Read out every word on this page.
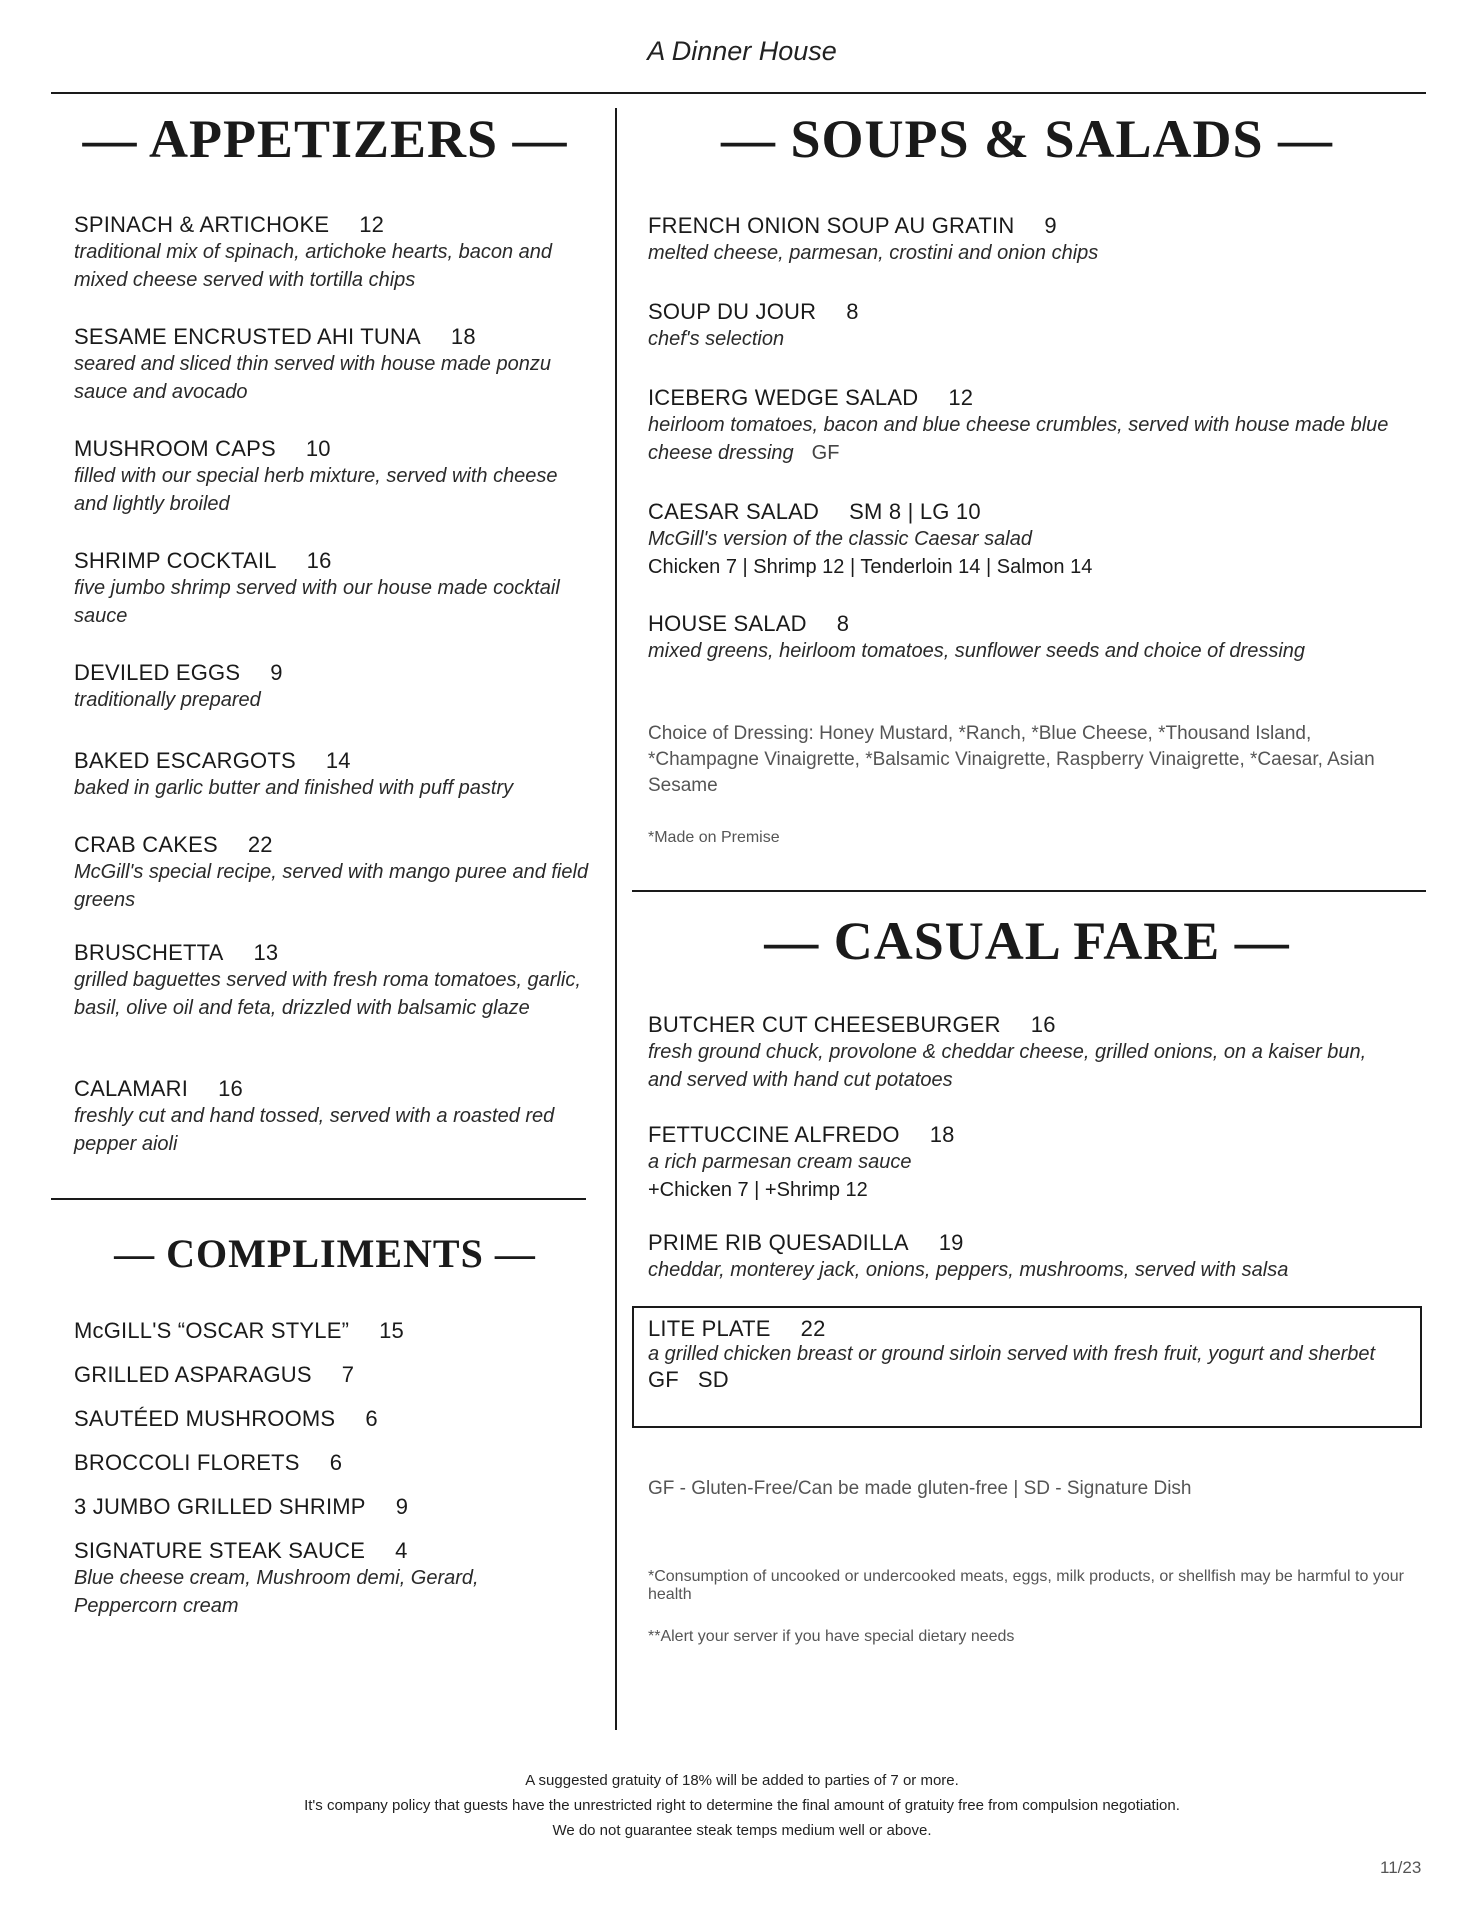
A Dinner House
— APPETIZERS —
SPINACH & ARTICHOKE 12
traditional mix of spinach, artichoke hearts, bacon and mixed cheese served with tortilla chips
SESAME ENCRUSTED AHI TUNA 18
seared and sliced thin served with house made ponzu sauce and avocado
MUSHROOM CAPS 10
filled with our special herb mixture, served with cheese and lightly broiled
SHRIMP COCKTAIL 16
five jumbo shrimp served with our house made cocktail sauce
DEVILED EGGS 9
traditionally prepared
BAKED ESCARGOTS 14
baked in garlic butter and finished with puff pastry
CRAB CAKES 22
McGill's special recipe, served with mango puree and field greens
BRUSCHETTA 13
grilled baguettes served with fresh roma tomatoes, garlic, basil, olive oil and feta, drizzled with balsamic glaze
CALAMARI 16
freshly cut and hand tossed, served with a roasted red pepper aioli
— COMPLIMENTS —
McGILL'S “OSCAR STYLE” 15
GRILLED ASPARAGUS 7
SAUTÉED MUSHROOMS 6
BROCCOLI FLORETS 6
3 JUMBO GRILLED SHRIMP 9
SIGNATURE STEAK SAUCE 4
Blue cheese cream, Mushroom demi, Gerard, Peppercorn cream
— SOUPS & SALADS —
FRENCH ONION SOUP AU GRATIN 9
melted cheese, parmesan, crostini and onion chips
SOUP DU JOUR 8
chef's selection
ICEBERG WEDGE SALAD 12
heirloom tomatoes, bacon and blue cheese crumbles, served with house made blue cheese dressing GF
CAESAR SALAD SM 8 | LG 10
McGill's version of the classic Caesar salad
Chicken 7 | Shrimp 12 | Tenderloin 14 | Salmon 14
HOUSE SALAD 8
mixed greens, heirloom tomatoes, sunflower seeds and choice of dressing
Choice of Dressing: Honey Mustard, *Ranch, *Blue Cheese, *Thousand Island, *Champagne Vinaigrette, *Balsamic Vinaigrette, Raspberry Vinaigrette, *Caesar, Asian Sesame
*Made on Premise
— CASUAL FARE —
BUTCHER CUT CHEESEBURGER 16
fresh ground chuck, provolone & cheddar cheese, grilled onions, on a kaiser bun, and served with hand cut potatoes
FETTUCCINE ALFREDO 18
a rich parmesan cream sauce
+Chicken 7 | +Shrimp 12
PRIME RIB QUESADILLA 19
cheddar, monterey jack, onions, peppers, mushrooms, served with salsa
LITE PLATE 22
a grilled chicken breast or ground sirloin served with fresh fruit, yogurt and sherbet
GF   SD
GF - Gluten-Free/Can be made gluten-free | SD - Signature Dish
*Consumption of uncooked or undercooked meats, eggs, milk products, or shellfish may be harmful to your health
**Alert your server if you have special dietary needs
A suggested gratuity of 18% will be added to parties of 7 or more.
It's company policy that guests have the unrestricted right to determine the final amount of gratuity free from compulsion negotiation.
We do not guarantee steak temps medium well or above.
11/23
